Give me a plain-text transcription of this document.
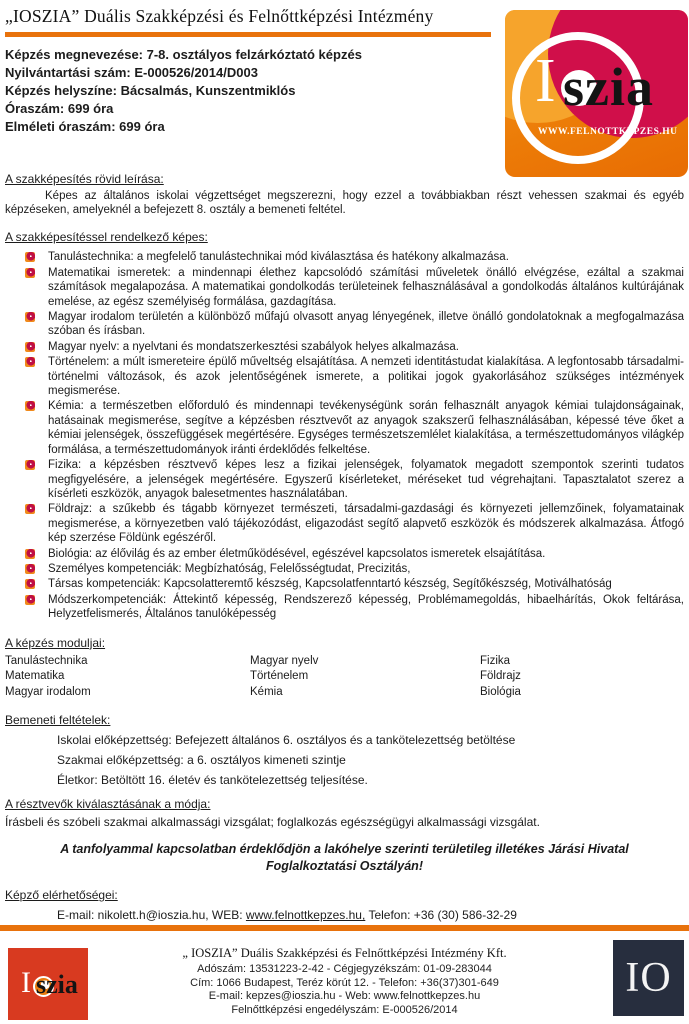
„IOSZIA” Duális Szakképzési és Felnőttképzési Intézmény
Képzés megnevezése: 7-8. osztályos felzárkóztató képzés
Nyilvántartási szám: E-000526/2014/D003
Képzés helyszíne: Bácsalmás, Kunszentmiklós
Óraszám: 699 óra
Elméleti óraszám: 699 óra
I szia
WWW.FELNOTTKEPZES.HU
A szakképesítés rövid leírása:
Képes az általános iskolai végzettséget megszerezni, hogy ezzel a továbbiakban részt vehessen szakmai és egyéb képzéseken, amelyeknél a befejezett 8. osztály a bemeneti feltétel.
A szakképesítéssel rendelkező képes:
Tanulástechnika: a megfelelő tanulástechnikai mód kiválasztása és hatékony alkalmazása.
Matematikai ismeretek: a mindennapi élethez kapcsolódó számítási műveletek önálló elvégzése, ezáltal a szakmai számítások megalapozása. A matematikai gondolkodás területeinek felhasználásával a gondolkodás általános kultúrájának emelése, az egész személyiség formálása, gazdagítása.
Magyar irodalom területén a különböző műfajú olvasott anyag lényegének, illetve önálló gondolatoknak a megfogalmazása szóban és írásban.
Magyar nyelv: a nyelvtani és mondatszerkesztési szabályok helyes alkalmazása.
Történelem: a múlt ismereteire épülő műveltség elsajátítása. A nemzeti identitástudat kialakítása. A legfontosabb társadalmi-történelmi változások, és azok jelentőségének ismerete, a politikai jogok gyakorlásához szükséges intézmények megismerése.
Kémia: a természetben előforduló és mindennapi tevékenységünk során felhasznált anyagok kémiai tulajdonságainak, hatásainak megismerése, segítve a képzésben résztvevőt az anyagok szakszerű felhasználásában, képessé téve őket a kémiai jelenségek, összefüggések megértésére. Egységes természetszemlélet kialakítása, a természettudományos világkép formálása, a természettudományok iránti érdeklődés felkeltése.
Fizika: a képzésben résztvevő képes lesz a fizikai jelenségek, folyamatok megadott szempontok szerinti tudatos megfigyelésére, a jelenségek megértésére. Egyszerű kísérleteket, méréseket tud végrehajtani. Tapasztalatot szerez a kísérleti eszközök, anyagok balesetmentes használatában.
Földrajz: a szűkebb és tágabb környezet természeti, társadalmi-gazdasági és környezeti jellemzőinek, folyamatainak megismerése, a környezetben való tájékozódást, eligazodást segítő alapvető eszközök és módszerek alkalmazása. Átfogó kép szerzése Földünk egészéről.
Biológia: az élővilág és az ember életműködésével, egészével kapcsolatos ismeretek elsajátítása.
Személyes kompetenciák: Megbízhatóság, Felelősségtudat, Precizitás,
Társas kompetenciák: Kapcsolatteremtő készség, Kapcsolatfenntartó készség, Segítőkészség, Motiválhatóság
Módszerkompetenciák: Áttekintő képesség, Rendszerező képesség, Problémamegoldás, hibaelhárítás, Okok feltárása, Helyzetfelismerés, Általános tanulóképesség
A képzés moduljai:
Tanulástechnika	Magyar nyelv	Fizika
Matematika	Történelem	Földrajz
Magyar irodalom	Kémia	Biológia
Bemeneti feltételek:
Iskolai előképzettség: Befejezett általános 6. osztályos és a tankötelezettség betöltése
Szakmai előképzettség: a 6. osztályos kimeneti szintje
Életkor: Betöltött 16. életév és tankötelezettség teljesítése.
A résztvevők kiválasztásának a módja:
Írásbeli és szóbeli szakmai alkalmassági vizsgálat; foglalkozás egészségügyi alkalmassági vizsgálat.
A tanfolyammal kapcsolatban érdeklődjön a lakóhelye szerinti területileg illetékes Járási Hivatal Foglalkoztatási Osztályán!
Képző elérhetőségei:
E-mail: nikolett.h@ioszia.hu, WEB: www.felnottkepzes.hu, Telefon: +36 (30) 586-32-29
I szia
„ IOSZIA” Duális Szakképzési és Felnőttképzési Intézmény Kft.
Adószám: 13531223-2-42 - Cégjegyzékszám: 01-09-283044
Cím: 1066 Budapest, Teréz körút 12. - Telefon: +36(37)301-649
E-mail: kepzes@ioszia.hu - Web: www.felnottkepzes.hu
Felnőttképzési engedélyszám: E-000526/2014
IO
